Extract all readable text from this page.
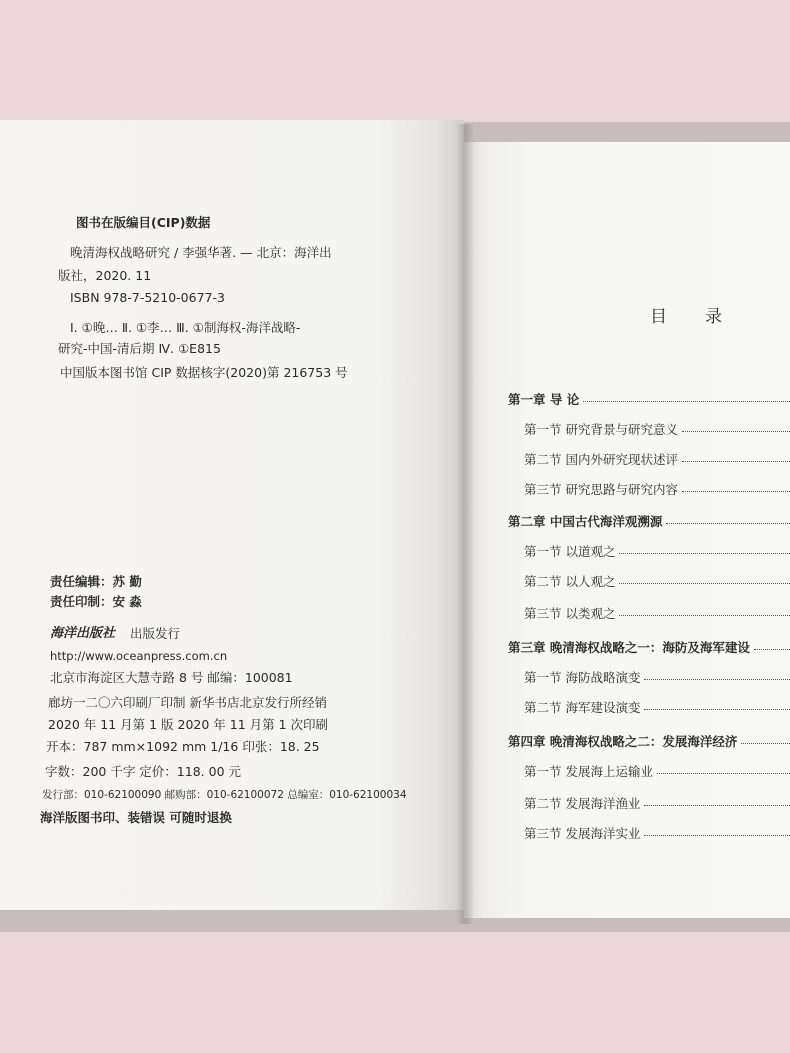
图书在版编目(CIP)数据
晚清海权战略研究 / 李强华著. — 北京：海洋出
版社，2020. 11
ISBN 978-7-5210-0677-3
Ⅰ. ①晚… Ⅱ. ①李… Ⅲ. ①制海权-海洋战略-
研究-中国-清后期 Ⅳ. ①E815
中国版本图书馆 CIP 数据核字(2020)第 216753 号
责任编辑：苏 勤
责任印制：安 淼
海洋出版社 出版发行
http://www.oceanpress.com.cn
北京市海淀区大慧寺路 8 号 邮编：100081
廊坊一二〇六印刷厂印制 新华书店北京发行所经销
2020 年 11 月第 1 版 2020 年 11 月第 1 次印刷
开本：787 mm×1092 mm 1/16 印张：18. 25
字数：200 千字 定价：118. 00 元
发行部：010-62100090 邮购部：010-62100072 总编室：010-62100034
海洋版图书印、装错误 可随时退换
目录
第一章 导 论
第一节 研究背景与研究意义
第二节 国内外研究现状述评
第三节 研究思路与研究内容
第二章 中国古代海洋观溯源
第一节 以道观之
第二节 以人观之
第三节 以类观之
第三章 晚清海权战略之一：海防及海军建设
第一节 海防战略演变
第二节 海军建设演变
第四章 晚清海权战略之二：发展海洋经济
第一节 发展海上运输业
第二节 发展海洋渔业
第三节 发展海洋实业
